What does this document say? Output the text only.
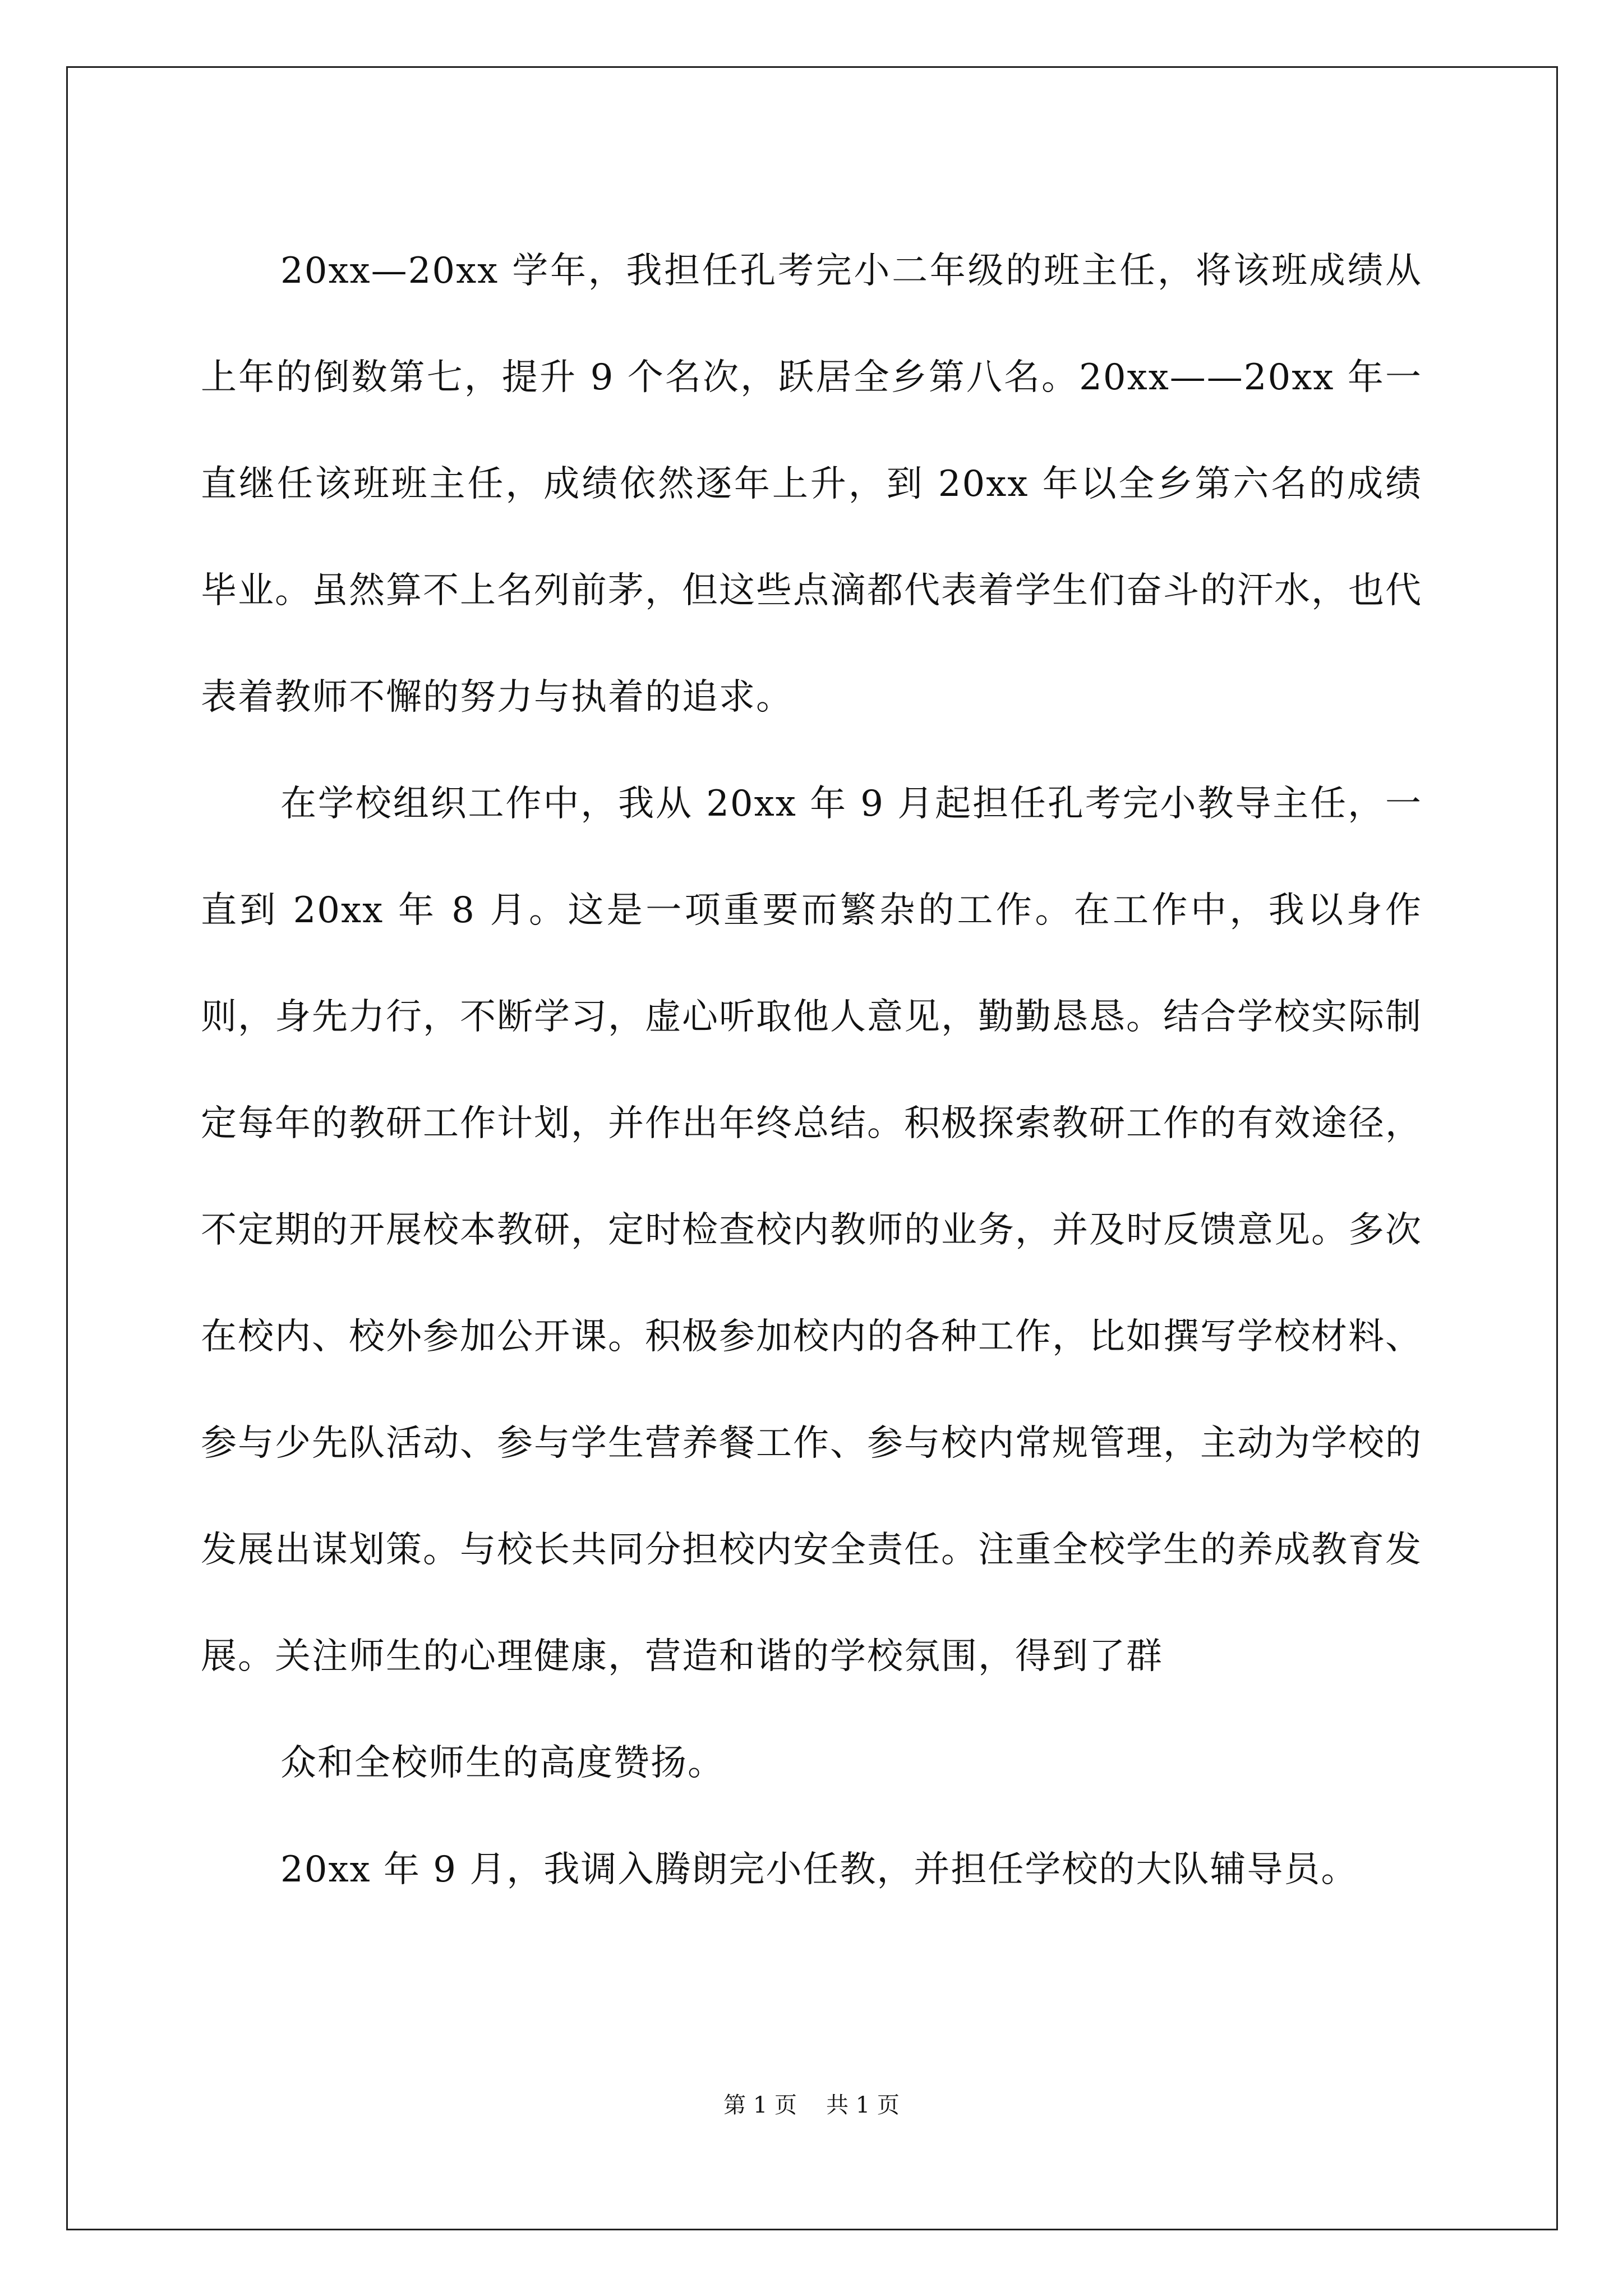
20xx—20xx 学年，我担任孔考完小二年级的班主任，将该班成绩从上年的倒数第七，提升 9 个名次，跃居全乡第八名。20xx——20xx 年一直继任该班班主任，成绩依然逐年上升，到 20xx 年以全乡第六名的成绩毕业。虽然算不上名列前茅，但这些点滴都代表着学生们奋斗的汗水，也代表着教师不懈的努力与执着的追求。

在学校组织工作中，我从 20xx 年 9 月起担任孔考完小教导主任，一直到 20xx 年 8 月。这是一项重要而繁杂的工作。在工作中，我以身作则，身先力行，不断学习，虚心听取他人意见，勤勤恳恳。结合学校实际制定每年的教研工作计划，并作出年终总结。积极探索教研工作的有效途径，不定期的开展校本教研，定时检查校内教师的业务，并及时反馈意见。多次在校内、校外参加公开课。积极参加校内的各种工作，比如撰写学校材料、参与少先队活动、参与学生营养餐工作、参与校内常规管理，主动为学校的发展出谋划策。与校长共同分担校内安全责任。注重全校学生的养成教育发展。关注师生的心理健康，营造和谐的学校氛围，得到了群

众和全校师生的高度赞扬。

20xx 年 9 月，我调入腾朗完小任教，并担任学校的大队辅导员。

第 1 页 共 1 页
